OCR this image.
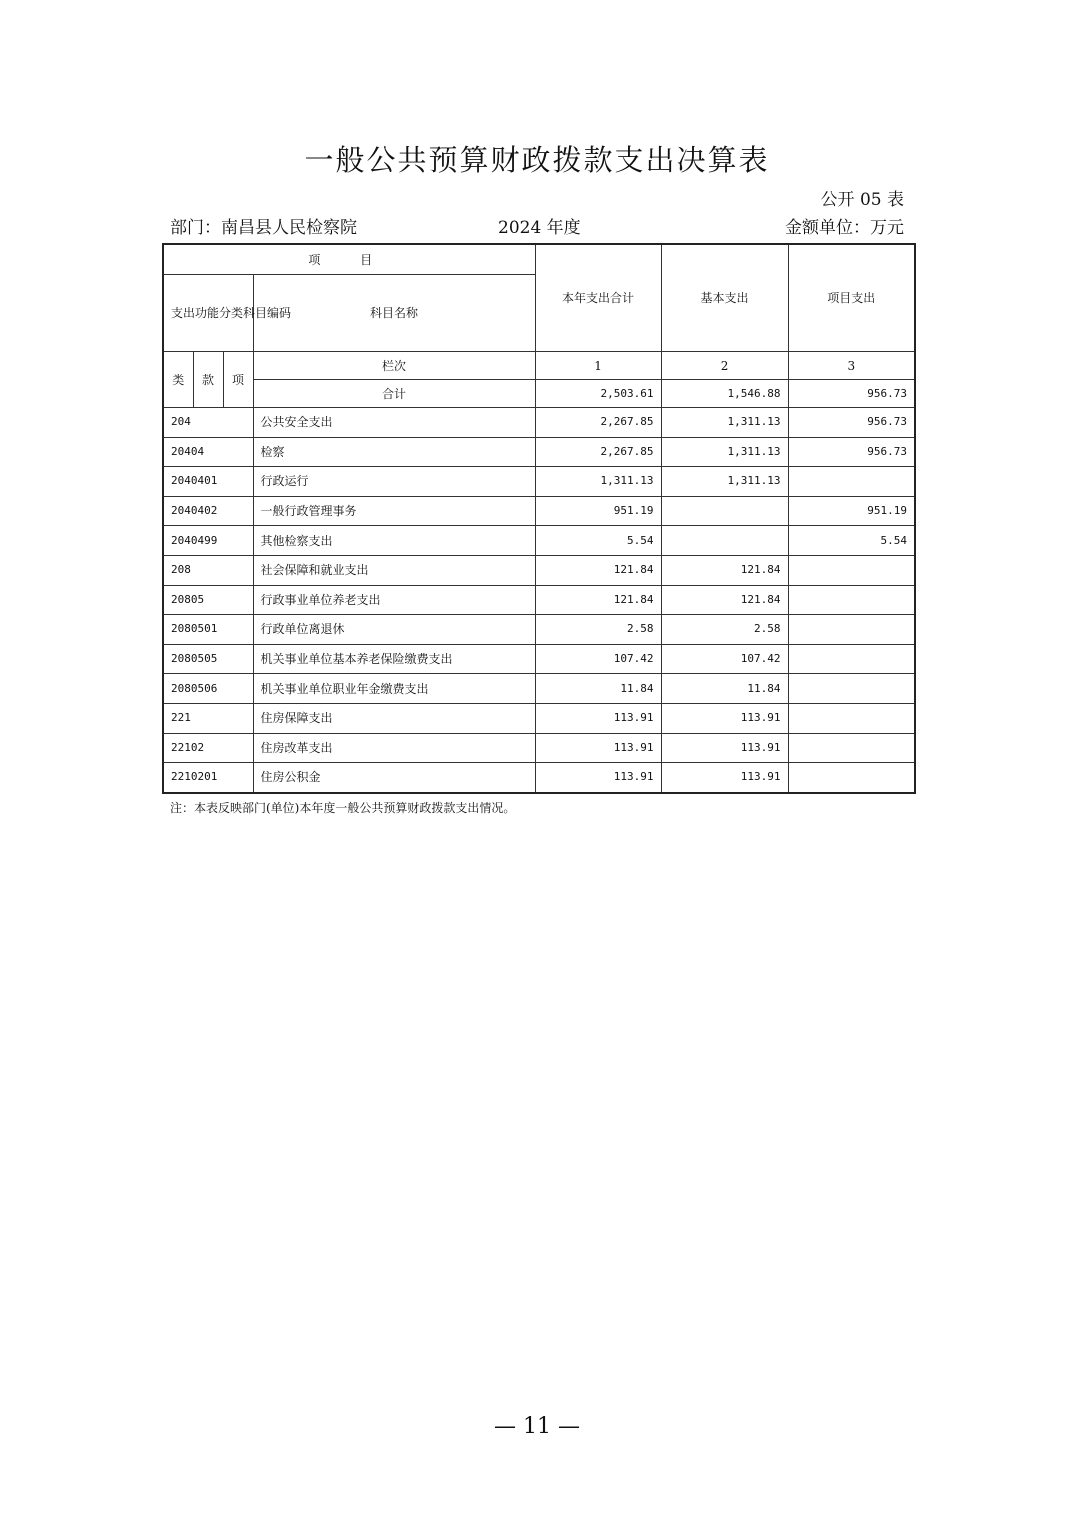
一般公共预算财政拨款支出决算表
公开 05 表
部门：南昌县人民检察院	2024 年度	金额单位：万元
项 目				本年支出合计	基本支出	项目支出
支出功能分类科目编码			科目名称			
类	款	项	栏次	1	2	3
			合计	2,503.61	1,546.88	956.73
204			公共安全支出	2,267.85	1,311.13	956.73
20404			检察	2,267.85	1,311.13	956.73
2040401			行政运行	1,311.13	1,311.13	
2040402			一般行政管理事务	951.19		951.19
2040499			其他检察支出	5.54		5.54
208			社会保障和就业支出	121.84	121.84	
20805			行政事业单位养老支出	121.84	121.84	
2080501			行政单位离退休	2.58	2.58	
2080505			机关事业单位基本养老保险缴费支出	107.42	107.42	
2080506			机关事业单位职业年金缴费支出	11.84	11.84	
221			住房保障支出	113.91	113.91	
22102			住房改革支出	113.91	113.91	
2210201			住房公积金	113.91	113.91	
注：本表反映部门(单位)本年度一般公共预算财政拨款支出情况。
— 11 —
